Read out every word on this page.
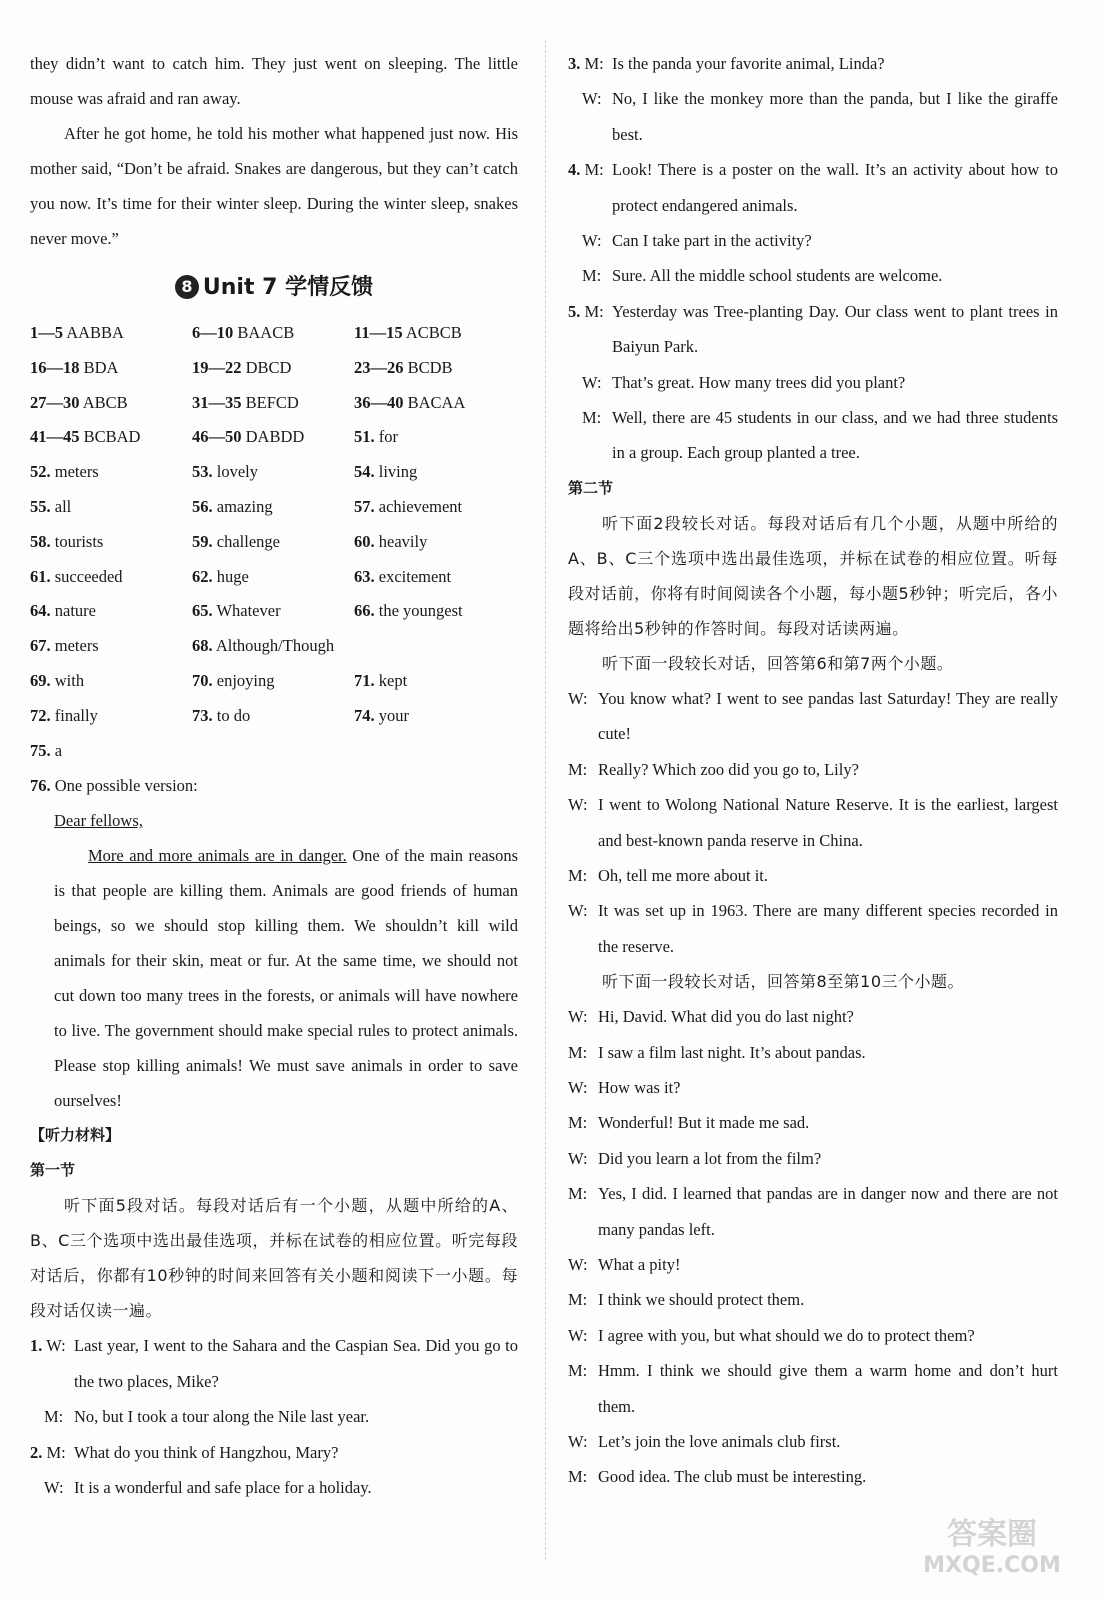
they didn’t want to catch him. They just went on sleeping. The little mouse was afraid and ran away.

After he got home, he told his mother what happened just now. His mother said, “Don’t be afraid. Snakes are dangerous, but they can’t catch you now. It’s time for their winter sleep. During the winter sleep, snakes never move.”

8 Unit 7 学情反馈
1—5 AABBA	6—10 BAACB	11—15 ACBCB
16—18 BDA	19—22 DBCD	23—26 BCDB
27—30 ABCB	31—35 BEFCD	36—40 BACAA
41—45 BCBAD	46—50 DABDD	51. for
52. meters	53. lovely	54. living
55. all	56. amazing	57. achievement
58. tourists	59. challenge	60. heavily
61. succeeded	62. huge	63. excitement
64. nature	65. Whatever	66. the youngest
67. meters	68. Although/Though
69. with	70. enjoying	71. kept
72. finally	73. to do	74. your
75. a

76. One possible version:

Dear fellows,

More and more animals are in danger. One of the main reasons is that people are killing them. Animals are good friends of human beings, so we should stop killing them. We shouldn’t kill wild animals for their skin, meat or fur. At the same time, we should not cut down too many trees in the forests, or animals will have nowhere to live. The government should make special rules to protect animals. Please stop killing animals! We must save animals in order to save ourselves!

【听力材料】

第一节

听下面5段对话。每段对话后有一个小题，从题中所给的A、B、C三个选项中选出最佳选项，并标在试卷的相应位置。听完每段对话后，你都有10秒钟的时间来回答有关小题和阅读下一小题。每段对话仅读一遍。

1. W: Last year, I went to the Sahara and the Caspian Sea. Did you go to the two places, Mike?

M: No, but I took a tour along the Nile last year.

2. M: What do you think of Hangzhou, Mary?

W: It is a wonderful and safe place for a holiday.

3. M: Is the panda your favorite animal, Linda?

W: No, I like the monkey more than the panda, but I like the giraffe best.

4. M: Look! There is a poster on the wall. It’s an activity about how to protect endangered animals.

W: Can I take part in the activity?

M: Sure. All the middle school students are welcome.

5. M: Yesterday was Tree-planting Day. Our class went to plant trees in Baiyun Park.

W: That’s great. How many trees did you plant?

M: Well, there are 45 students in our class, and we had three students in a group. Each group planted a tree.

第二节

听下面2段较长对话。每段对话后有几个小题，从题中所给的A、B、C三个选项中选出最佳选项，并标在试卷的相应位置。听每段对话前，你将有时间阅读各个小题，每小题5秒钟；听完后，各小题将给出5秒钟的作答时间。每段对话读两遍。

听下面一段较长对话，回答第6和第7两个小题。

W: You know what? I went to see pandas last Saturday! They are really cute!

M: Really? Which zoo did you go to, Lily?

W: I went to Wolong National Nature Reserve. It is the earliest, largest and best-known panda reserve in China.

M: Oh, tell me more about it.

W: It was set up in 1963. There are many different species recorded in the reserve.

听下面一段较长对话，回答第8至第10三个小题。

W: Hi, David. What did you do last night?

M: I saw a film last night. It’s about pandas.

W: How was it?

M: Wonderful! But it made me sad.

W: Did you learn a lot from the film?

M: Yes, I did. I learned that pandas are in danger now and there are not many pandas left.

W: What a pity!

M: I think we should protect them.

W: I agree with you, but what should we do to protect them?

M: Hmm. I think we should give them a warm home and don’t hurt them.

W: Let’s join the love animals club first.

M: Good idea. The club must be interesting.

答案圈
MXQE.COM
